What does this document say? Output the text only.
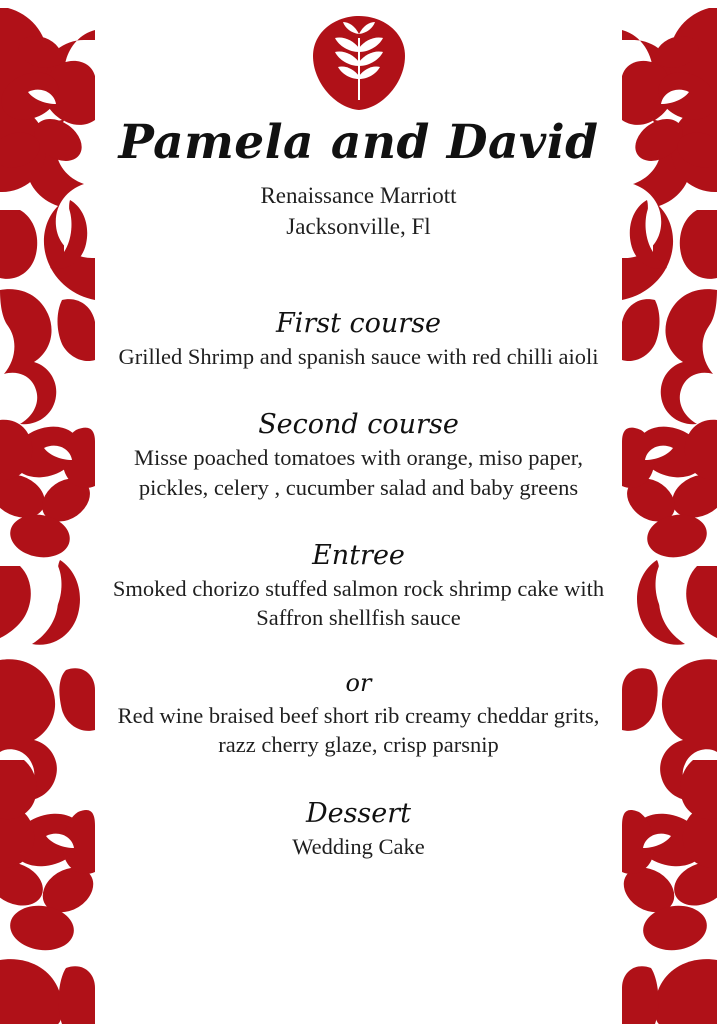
Pamela and David
Renaissance Marriott
Jacksonville, Fl
First course
Grilled Shrimp and spanish sauce with red chilli aioli
Second course
Misse poached tomatoes with orange, miso paper,
pickles, celery , cucumber salad and baby greens
Entree
Smoked chorizo stuffed salmon rock shrimp cake with
Saffron shellfish sauce
or
Red wine braised beef short rib creamy cheddar grits,
razz cherry glaze, crisp parsnip
Dessert
Wedding Cake
